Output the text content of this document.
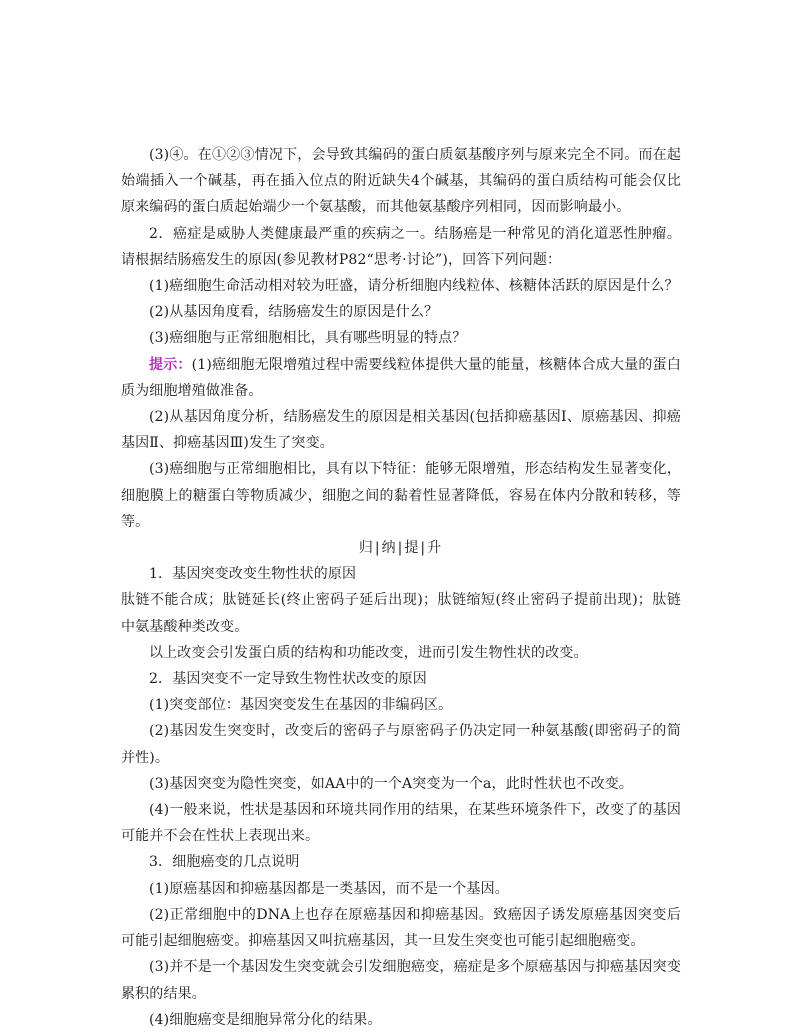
(3)④。在①②③情况下，会导致其编码的蛋白质氨基酸序列与原来完全不同。而在起始端插入一个碱基，再在插入位点的附近缺失4个碱基，其编码的蛋白质结构可能会仅比原来编码的蛋白质起始端少一个氨基酸，而其他氨基酸序列相同，因而影响最小。

2．癌症是威胁人类健康最严重的疾病之一。结肠癌是一种常见的消化道恶性肿瘤。请根据结肠癌发生的原因(参见教材P82“思考·讨论”)，回答下列问题：

(1)癌细胞生命活动相对较为旺盛，请分析细胞内线粒体、核糖体活跃的原因是什么？

(2)从基因角度看，结肠癌发生的原因是什么？

(3)癌细胞与正常细胞相比，具有哪些明显的特点？

提示：(1)癌细胞无限增殖过程中需要线粒体提供大量的能量，核糖体合成大量的蛋白质为细胞增殖做准备。

(2)从基因角度分析，结肠癌发生的原因是相关基因(包括抑癌基因Ⅰ、原癌基因、抑癌基因Ⅱ、抑癌基因Ⅲ)发生了突变。

(3)癌细胞与正常细胞相比，具有以下特征：能够无限增殖，形态结构发生显著变化，细胞膜上的糖蛋白等物质减少，细胞之间的黏着性显著降低，容易在体内分散和转移，等等。

归|纳|提|升

1．基因突变改变生物性状的原因

肽链不能合成；肽链延长(终止密码子延后出现)；肽链缩短(终止密码子提前出现)；肽链中氨基酸种类改变。

以上改变会引发蛋白质的结构和功能改变，进而引发生物性状的改变。

2．基因突变不一定导致生物性状改变的原因

(1)突变部位：基因突变发生在基因的非编码区。

(2)基因发生突变时，改变后的密码子与原密码子仍决定同一种氨基酸(即密码子的简并性)。

(3)基因突变为隐性突变，如AA中的一个A突变为一个a，此时性状也不改变。

(4)一般来说，性状是基因和环境共同作用的结果，在某些环境条件下，改变了的基因可能并不会在性状上表现出来。

3．细胞癌变的几点说明

(1)原癌基因和抑癌基因都是一类基因，而不是一个基因。

(2)正常细胞中的DNA上也存在原癌基因和抑癌基因。致癌因子诱发原癌基因突变后可能引起细胞癌变。抑癌基因又叫抗癌基因，其一旦发生突变也可能引起细胞癌变。

(3)并不是一个基因发生突变就会引发细胞癌变，癌症是多个原癌基因与抑癌基因突变累积的结果。

(4)细胞癌变是细胞异常分化的结果。
